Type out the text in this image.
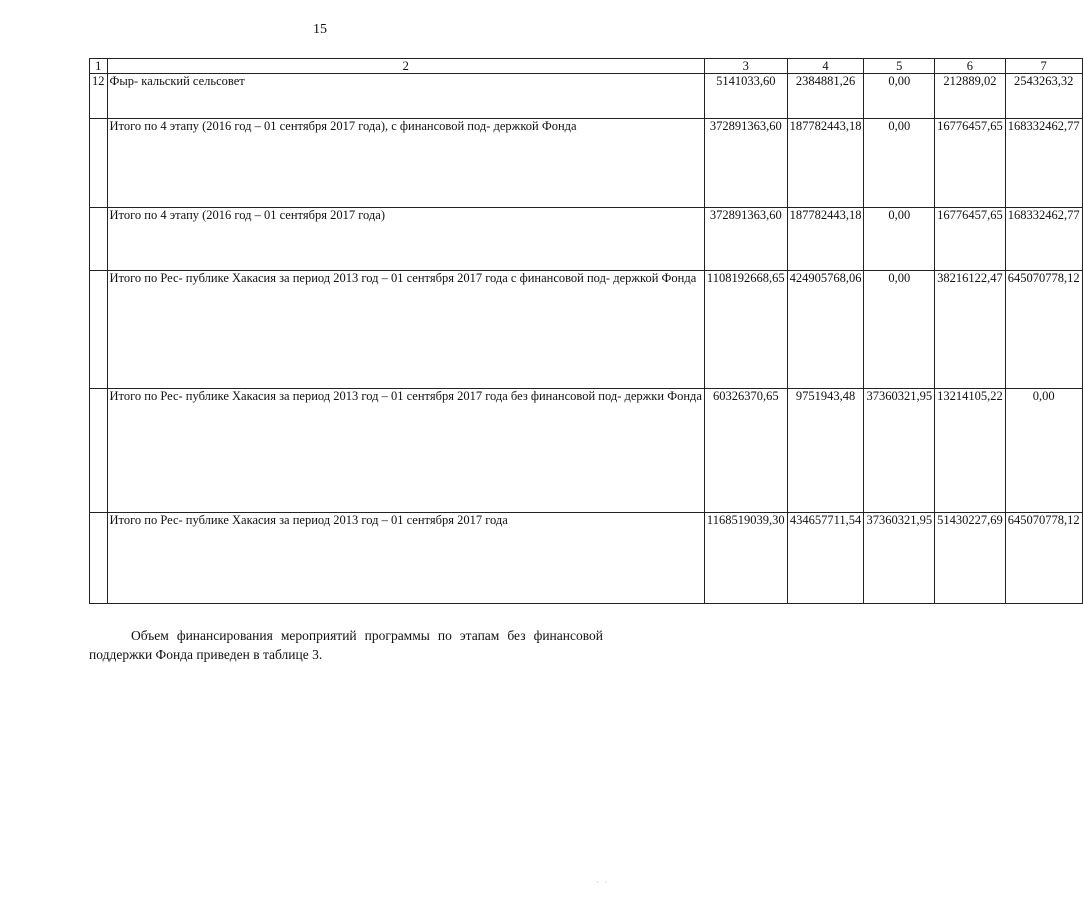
15
1	2	3	4	5	6	7
12	Фыр- кальский сельсовет	5141033,60	2384881,26	0,00	212889,02	2543263,32
	Итого по 4 этапу (2016 год – 01 сентября 2017 года), с финансовой под- держкой Фонда	372891363,60	187782443,18	0,00	16776457,65	168332462,77
	Итого по 4 этапу (2016 год – 01 сентября 2017 года)	372891363,60	187782443,18	0,00	16776457,65	168332462,77
	Итого по Рес- публике Хакасия за период 2013 год – 01 сентября 2017 года с финансовой под- держкой Фонда	1108192668,65	424905768,06	0,00	38216122,47	645070778,12
	Итого по Рес- публике Хакасия за период 2013 год – 01 сентября 2017 года без финансовой под- держки Фонда	60326370,65	9751943,48	37360321,95	13214105,22	0,00
	Итого по Рес- публике Хакасия за период 2013 год – 01 сентября 2017 года	1168519039,30	434657711,54	37360321,95	51430227,69	645070778,12
Объем финансирования мероприятий программы по этапам без финансовой поддержки Фонда приведен в таблице 3.
· ·
